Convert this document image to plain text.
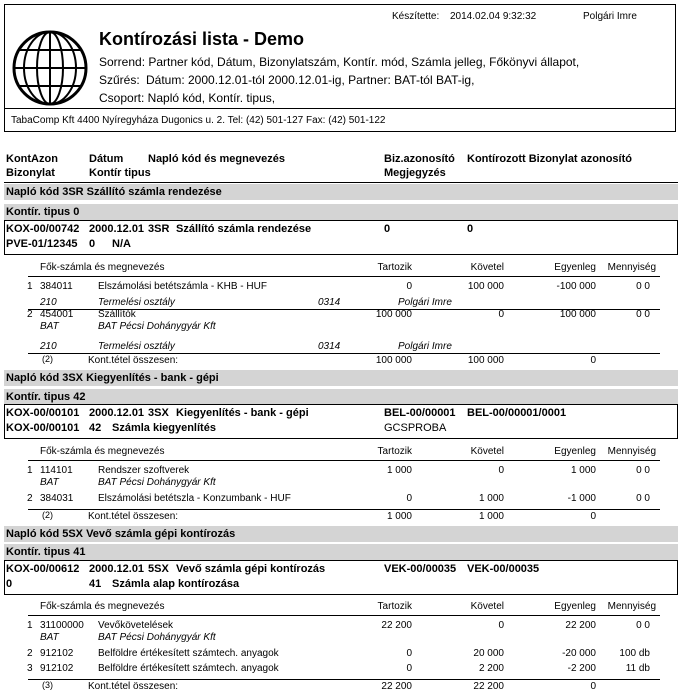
Készítette: 2014.02.04 9:32:32	Polgári Imre
Kontírozási lista - Demo
Sorrend: Partner kód, Dátum, Bizonylatszám, Kontír. mód, Számla jelleg, Főkönyvi állapot,
Szűrés: Dátum: 2000.12.01-tól 2000.12.01-ig, Partner: BAT-tól BAT-ig,
Csoport: Napló kód, Kontír. tipus,
TabaComp Kft 4400 Nyíregyháza Dugonics u. 2. Tel: (42) 501-127 Fax: (42) 501-122
KontAzon	Dátum Napló kód és megnevezés	Biz.azonosító Kontírozott Bizonylat azonosító
Bizonylat	Kontír tipus	Megjegyzés
Napló kód 3SR Szállító számla rendezése
Kontír. tipus 0
KOX-00/00742 2000.12.01 3SR Szállító számla rendezése	0	0
PVE-01/12345 0 N/A
Fők-számla és megnevezés	Tartozik	Követel	Egyenleg Mennyiség
1 384011	Elszámolási betétszámla - KHB - HUF	0	100 000	-100 000	0 0
210	Termelési osztály	0314	Polgári Imre
2 454001 Szállítók	100 000	0	100 000	0 0
BAT	BAT Pécsi Dohánygyár Kft
210	Termelési osztály	0314	Polgári Imre
(2)	Kont.tétel összesen:	100 000	100 000	0
Napló kód 3SX Kiegyenlítés - bank - gépi
Kontír. tipus 42
KOX-00/00101 2000.12.01 3SX Kiegyenlítés - bank - gépi	BEL-00/00001 BEL-00/00001/0001
KOX-00/00101 42 Számla kiegyenlítés	GCSPROBA
Fők-számla és megnevezés	Tartozik	Követel	Egyenleg Mennyiség
1 114101	Rendszer szoftverek	1 000	0	1 000	0 0
BAT	BAT Pécsi Dohánygyár Kft
2 384031 Elszámolási betétszla - Konzumbank - HUF	0	1 000	-1 000	0 0
(2)	Kont.tétel összesen:	1 000	1 000	0
Napló kód 5SX Vevő számla gépi kontírozás
Kontír. tipus 41
KOX-00/00612 2000.12.01 5SX Vevő számla gépi kontírozás	VEK-00/00035 VEK-00/00035
0	41 Számla alap kontírozása
Fők-számla és megnevezés	Tartozik	Követel	Egyenleg Mennyiség
1 31100000 Vevőkövetelések	22 200	0	22 200	0 0
BAT	BAT Pécsi Dohánygyár Kft
2 912102 Belföldre értékesített számtech. anyagok	0	20 000	-20 000 100 db
3 912102 Belföldre értékesített számtech. anyagok	0	2 200	-2 200	11 db
(3)	Kont.tétel összesen:	22 200	22 200	0
